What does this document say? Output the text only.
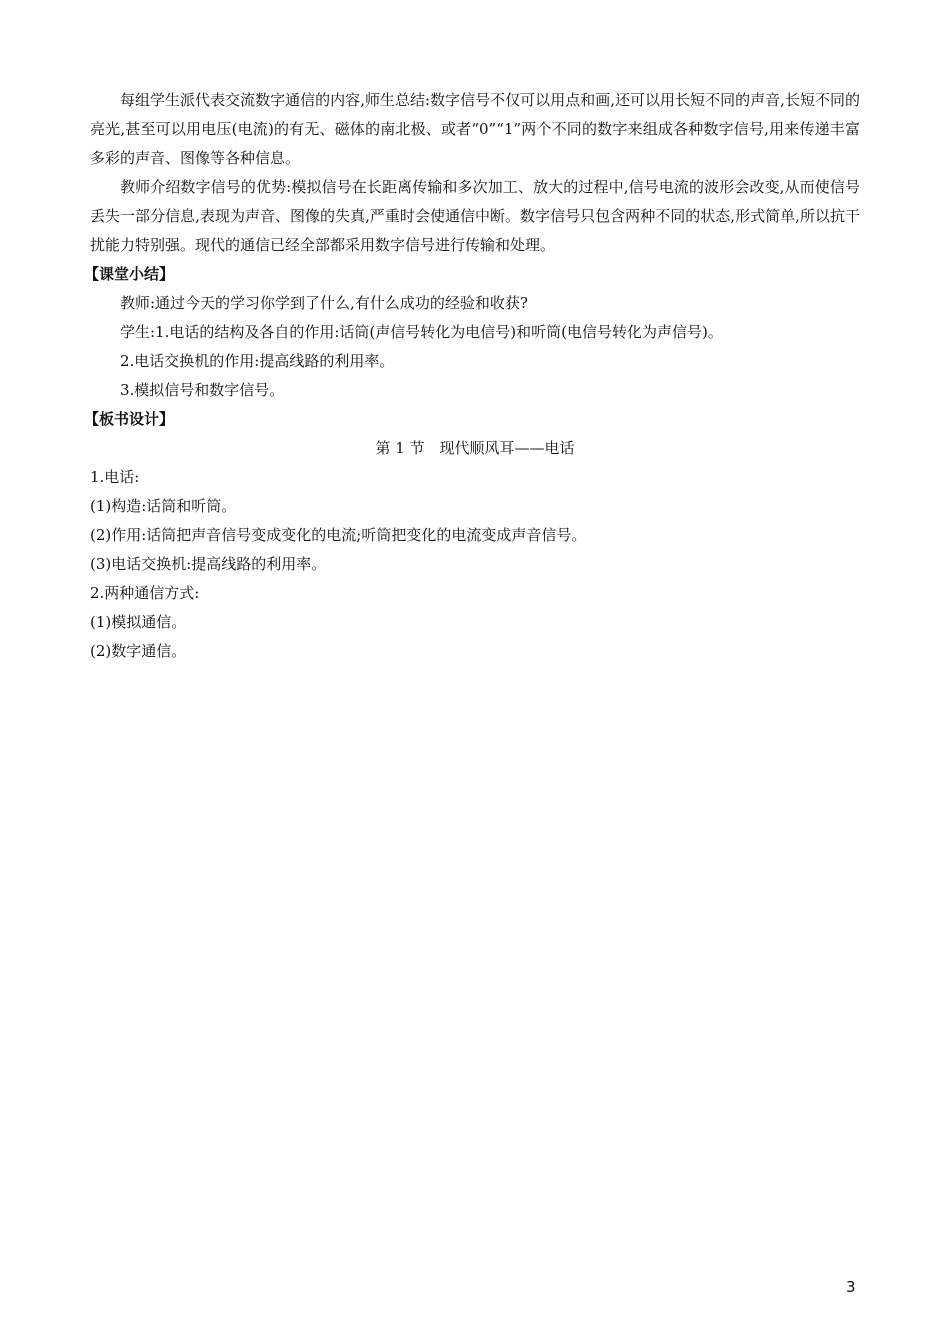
每组学生派代表交流数字通信的内容,师生总结:数字信号不仅可以用点和画,还可以用长短不同的声音,长短不同的亮光,甚至可以用电压(电流)的有无、磁体的南北极、或者“0”“1”两个不同的数字来组成各种数字信号,用来传递丰富多彩的声音、图像等各种信息。

教师介绍数字信号的优势:模拟信号在长距离传输和多次加工、放大的过程中,信号电流的波形会改变,从而使信号丢失一部分信息,表现为声音、图像的失真,严重时会使通信中断。数字信号只包含两种不同的状态,形式简单,所以抗干扰能力特别强。现代的通信已经全部都采用数字信号进行传输和处理。

【课堂小结】

教师:通过今天的学习你学到了什么,有什么成功的经验和收获?

学生:1.电话的结构及各自的作用:话筒(声信号转化为电信号)和听筒(电信号转化为声信号)。

2.电话交换机的作用:提高线路的利用率。

3.模拟信号和数字信号。

【板书设计】

第 1 节　现代顺风耳——电话

1.电话:

(1)构造:话筒和听筒。

(2)作用:话筒把声音信号变成变化的电流;听筒把变化的电流变成声音信号。

(3)电话交换机:提高线路的利用率。

2.两种通信方式:

(1)模拟通信。

(2)数字通信。

3
